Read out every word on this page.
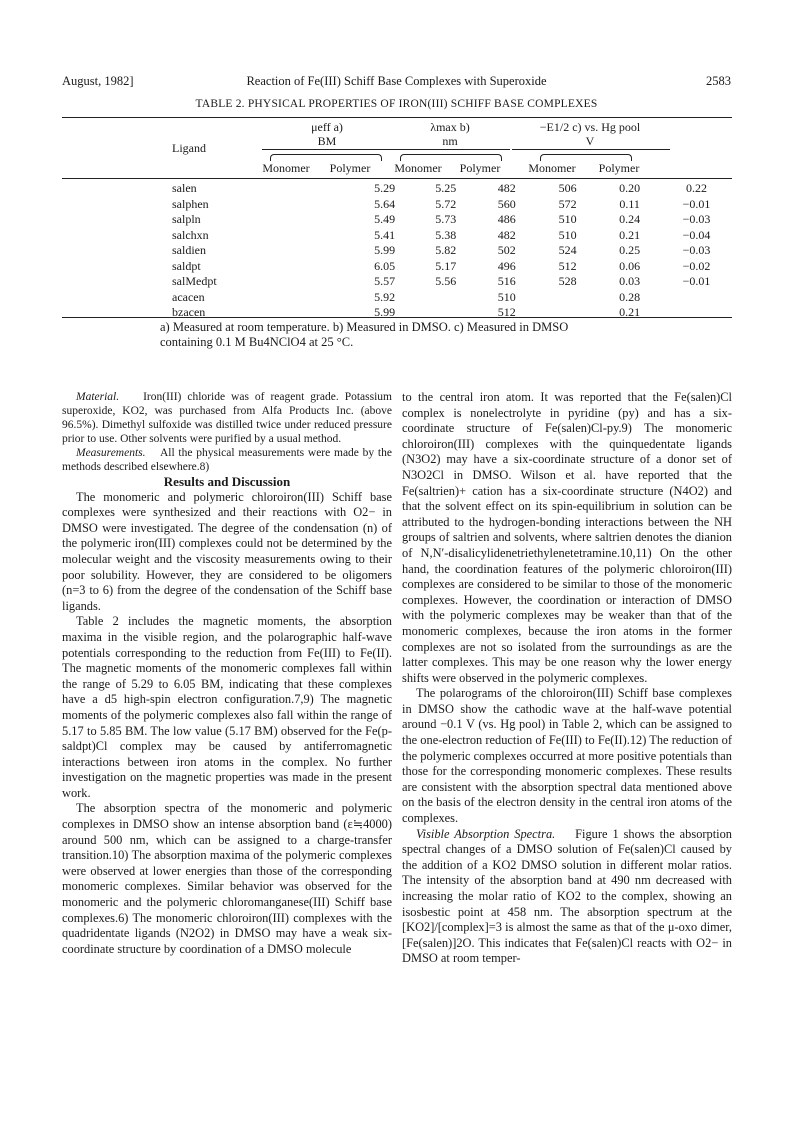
August, 1982]	Reaction of Fe(III) Schiff Base Complexes with Superoxide	2583
TABLE 2. PHYSICAL PROPERTIES OF IRON(III) SCHIFF BASE COMPLEXES
Ligand
μeff a)
BM
λmax b)
nm
−E1/2 c) vs. Hg pool
V
Monomer	Polymer	Monomer	Polymer	Monomer	Polymer
salen	5.29	5.25	482	506	0.20	0.22	
salphen	5.64	5.72	560	572	0.11	−0.01	
salpln	5.49	5.73	486	510	0.24	−0.03	
salchxn	5.41	5.38	482	510	0.21	−0.04	
saldien	5.99	5.82	502	524	0.25	−0.03	
saldpt	6.05	5.17	496	512	0.06	−0.02	
salMedpt	5.57	5.56	516	528	0.03	−0.01	
acacen	5.92		510		0.28		
bzacen	5.99		512		0.21		
a) Measured at room temperature. b) Measured in DMSO. c) Measured in DMSO
containing 0.1 M Bu4NClO4 at 25 °C.

Material. Iron(III) chloride was of reagent grade. Potassium superoxide, KO2, was purchased from Alfa Products Inc. (above 96.5%). Dimethyl sulfoxide was distilled twice under reduced pressure prior to use. Other solvents were purified by a usual method.

Measurements. All the physical measurements were made by the methods described elsewhere.8)

Results and Discussion

The monomeric and polymeric chloroiron(III) Schiff base complexes were synthesized and their reactions with O2− in DMSO were investigated. The degree of the condensation (n) of the polymeric iron(III) complexes could not be determined by the molecular weight and the viscosity measurements owing to their poor solubility. However, they are considered to be oligomers (n=3 to 6) from the degree of the condensation of the Schiff base ligands.

Table 2 includes the magnetic moments, the absorption maxima in the visible region, and the polarographic half-wave potentials corresponding to the reduction from Fe(III) to Fe(II). The magnetic moments of the monomeric complexes fall within the range of 5.29 to 6.05 BM, indicating that these complexes have a d5 high-spin electron configuration.7,9) The magnetic moments of the polymeric complexes also fall within the range of 5.17 to 5.85 BM. The low value (5.17 BM) observed for the Fe(p-saldpt)Cl complex may be caused by antiferromagnetic interactions between iron atoms in the complex. No further investigation on the magnetic properties was made in the present work.

The absorption spectra of the monomeric and polymeric complexes in DMSO show an intense absorption band (ε≒4000) around 500 nm, which can be assigned to a charge-transfer transition.10) The absorption maxima of the polymeric complexes were observed at lower energies than those of the corresponding monomeric complexes. Similar behavior was observed for the monomeric and the polymeric chloromanganese(III) Schiff base complexes.6) The monomeric chloroiron(III) complexes with the quadridentate ligands (N2O2) in DMSO may have a weak six-coordinate structure by coordination of a DMSO molecule

to the central iron atom. It was reported that the Fe(salen)Cl complex is nonelectrolyte in pyridine (py) and has a six-coordinate structure of Fe(salen)Cl-py.9) The monomeric chloroiron(III) complexes with the quinquedentate ligands (N3O2) may have a six-coordinate structure of a donor set of N3O2Cl in DMSO. Wilson et al. have reported that the Fe(saltrien)+ cation has a six-coordinate structure (N4O2) and that the solvent effect on its spin-equilibrium in solution can be attributed to the hydrogen-bonding interactions between the NH groups of saltrien and solvents, where saltrien denotes the dianion of N,N′-disalicylidenetriethylenetetramine.10,11) On the other hand, the coordination features of the polymeric chloroiron(III) complexes are considered to be similar to those of the monomeric complexes. However, the coordination or interaction of DMSO with the polymeric complexes may be weaker than that of the monomeric complexes, because the iron atoms in the former complexes are not so isolated from the surroundings as are the latter complexes. This may be one reason why the lower energy shifts were observed in the polymeric complexes.

The polarograms of the chloroiron(III) Schiff base complexes in DMSO show the cathodic wave at the half-wave potential around −0.1 V (vs. Hg pool) in Table 2, which can be assigned to the one-electron reduction of Fe(III) to Fe(II).12) The reduction of the polymeric complexes occurred at more positive potentials than those for the corresponding monomeric complexes. These results are consistent with the absorption spectral data mentioned above on the basis of the electron density in the central iron atoms of the complexes.

Visible Absorption Spectra. Figure 1 shows the absorption spectral changes of a DMSO solution of Fe(salen)Cl caused by the addition of a KO2 DMSO solution in different molar ratios. The intensity of the absorption band at 490 nm decreased with increasing the molar ratio of KO2 to the complex, showing an isosbestic point at 458 nm. The absorption spectrum at the [KO2]/[complex]=3 is almost the same as that of the μ-oxo dimer, [Fe(salen)]2O. This indicates that Fe(salen)Cl reacts with O2− in DMSO at room temper-
